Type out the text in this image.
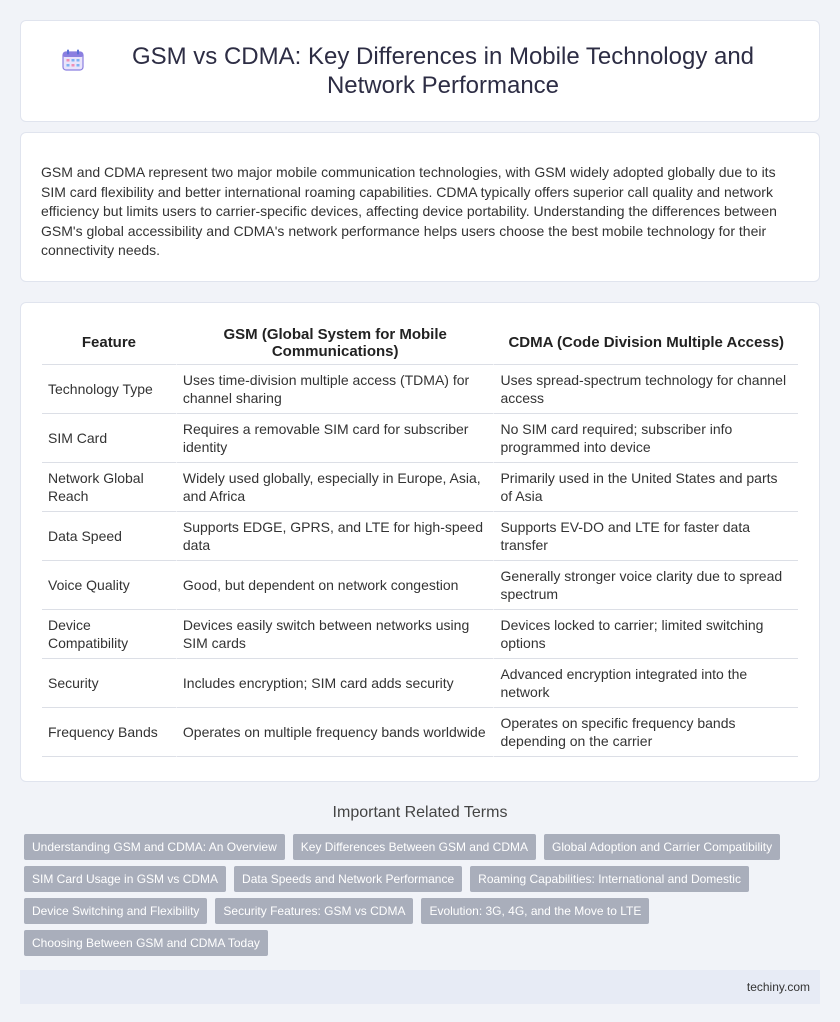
GSM vs CDMA: Key Differences in Mobile Technology and Network Performance

GSM and CDMA represent two major mobile communication technologies, with GSM widely adopted globally due to its SIM card flexibility and better international roaming capabilities. CDMA typically offers superior call quality and network efficiency but limits users to carrier-specific devices, affecting device portability. Understanding the differences between GSM's global accessibility and CDMA's network performance helps users choose the best mobile technology for their connectivity needs.

Feature	GSM (Global System for Mobile Communications)	CDMA (Code Division Multiple Access)
Technology Type	Uses time-division multiple access (TDMA) for channel sharing	Uses spread-spectrum technology for channel access
SIM Card	Requires a removable SIM card for subscriber identity	No SIM card required; subscriber info programmed into device
Network Global Reach	Widely used globally, especially in Europe, Asia, and Africa	Primarily used in the United States and parts of Asia
Data Speed	Supports EDGE, GPRS, and LTE for high-speed data	Supports EV-DO and LTE for faster data transfer
Voice Quality	Good, but dependent on network congestion	Generally stronger voice clarity due to spread spectrum
Device Compatibility	Devices easily switch between networks using SIM cards	Devices locked to carrier; limited switching options
Security	Includes encryption; SIM card adds security	Advanced encryption integrated into the network
Frequency Bands	Operates on multiple frequency bands worldwide	Operates on specific frequency bands depending on the carrier
Important Related Terms
Understanding GSM and CDMA: An Overview	Key Differences Between GSM and CDMA	Global Adoption and Carrier Compatibility
SIM Card Usage in GSM vs CDMA	Data Speeds and Network Performance	Roaming Capabilities: International and Domestic
Device Switching and Flexibility	Security Features: GSM vs CDMA	Evolution: 3G, 4G, and the Move to LTE
Choosing Between GSM and CDMA Today
techiny.com
